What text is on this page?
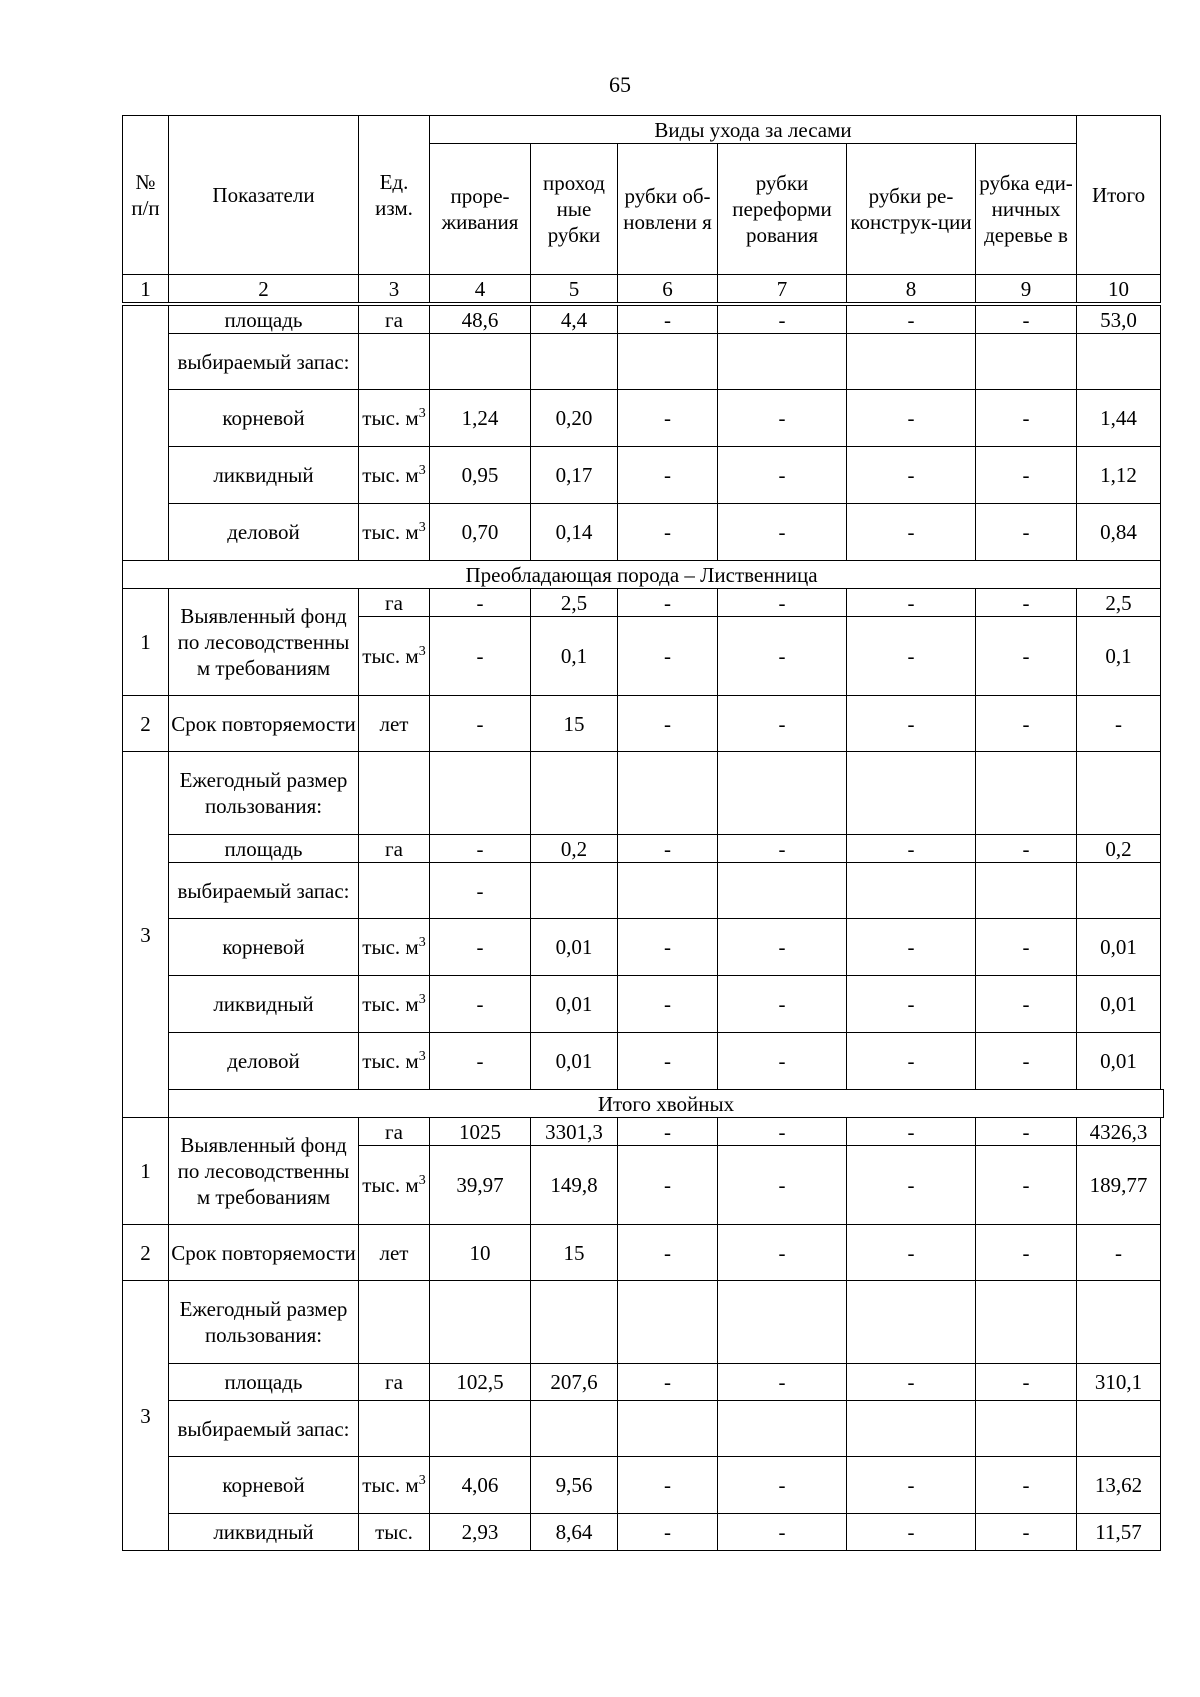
65
№ п/п	Показатели	Ед. изм.	Виды ухода за лесами						Итого
			проре-живания	проход ные рубки	рубки об-новлени я	рубки переформи рования	рубки ре-конструк-ции	рубка еди-ничных деревье в	
1	2	3	4	5	6	7	8	9	10
	площадь	га	48,6	4,4	-	-	-	-	53,0
	выбираемый запас:								
	корневой	тыс. $м^3$	1,24	0,20	-	-	-	-	1,44
	ликвидный	тыс. $м^3$	0,95	0,17	-	-	-	-	1,12
	деловой	тыс. $м^3$	0,70	0,14	-	-	-	-	0,84
Преобладающая порода – Лиственница									
1	Выявленный фонд по лесоводственны м требованиям	га	-	2,5	-	-	-	-	2,5
		тыс. $м^3$	-	0,1	-	-	-	-	0,1
2	Срок повторяемости	лет	-	15	-	-	-	-	-
3	Ежегодный размер пользования:								
	площадь	га	-	0,2	-	-	-	-	0,2
	выбираемый запас:		-						
	корневой	тыс. $м^3$	-	0,01	-	-	-	-	0,01
	ликвидный	тыс. $м^3$	-	0,01	-	-	-	-	0,01
	деловой	тыс. $м^3$	-	0,01	-	-	-	-	0,01
	Итого хвойных								
1	Выявленный фонд по лесоводственны м требованиям	га	1025	3301,3	-	-	-	-	4326,3
		тыс. $м^3$	39,97	149,8	-	-	-	-	189,77
2	Срок повторяемости	лет	10	15	-	-	-	-	-
3	Ежегодный размер пользования:								
	площадь	га	102,5	207,6	-	-	-	-	310,1
	выбираемый запас:								
	корневой	тыс. $м^3$	4,06	9,56	-	-	-	-	13,62
	ликвидный	тыс.	2,93	8,64	-	-	-	-	11,57
